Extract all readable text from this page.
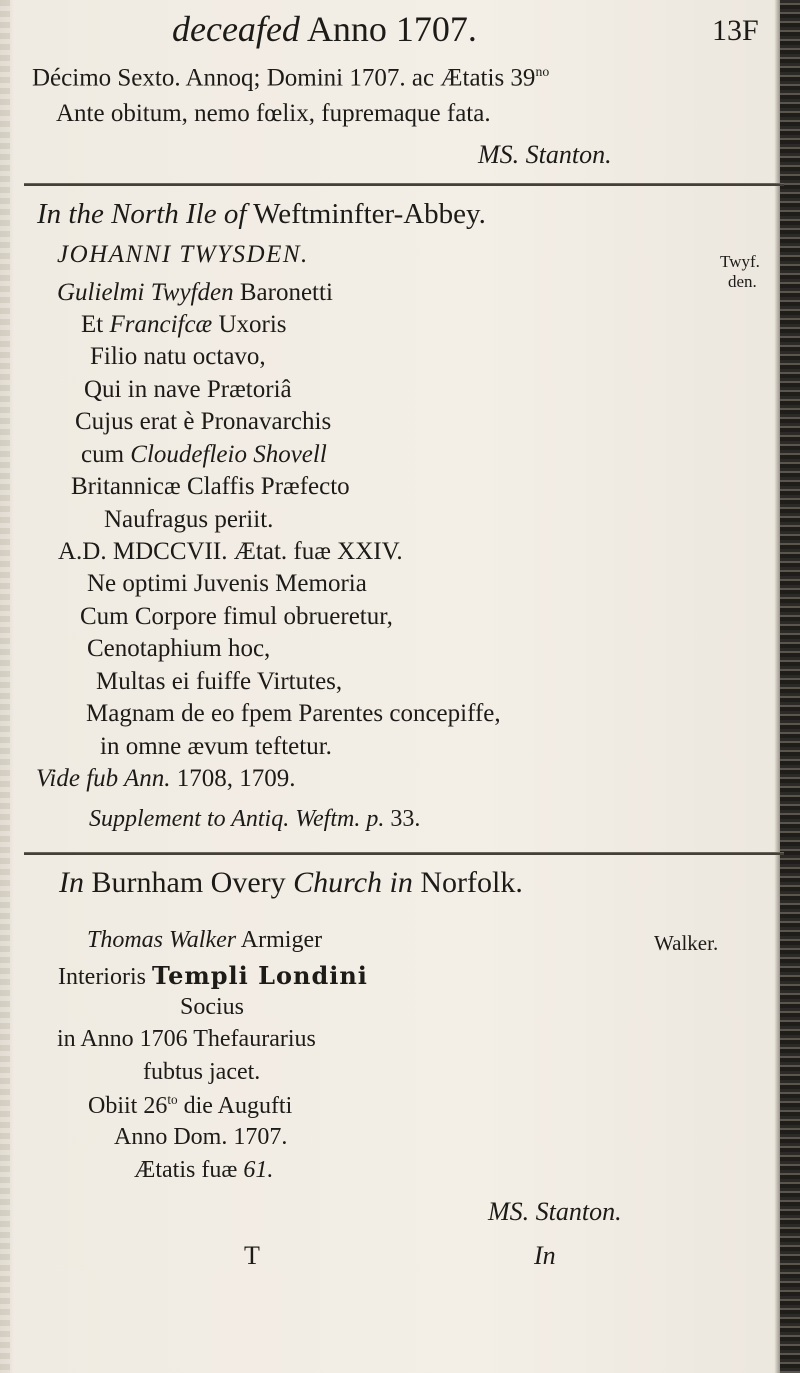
deceafed Anno 1707.	13F
Décimo Sexto. Annoq; Domini 1707. ac Ætatis $39^{no}$
Ante obitum, nemo fœlix, fupremaque fata.
MS. Stanton.
In the North Ile of Weftminfter-Abbey.
JOHANNI TWYSDEN.	Twyf.
den.
Gulielmi Twyfden Baronetti
Et Francifcæ Uxoris
Filio natu octavo,
Qui in nave Prætoriâ
Cujus erat è Pronavarchis
cum Cloudefleio Shovell
Britannicæ Claffis Præfecto
Naufragus periit.
A.D. MDCCVII. Ætat. fuæ XXIV.
Ne optimi Juvenis Memoria
Cum Corpore fimul obrueretur,
Cenotaphium hoc,
Multas ei fuiffe Virtutes,
Magnam de eo fpem Parentes concepiffe,
in omne ævum teftetur.
Vide fub Ann. 1708, 1709.
Supplement to Antiq. Weftm. p. 33.
In Burnham Overy Church in Norfolk.
Thomas Walker Armiger	Walker.
Interioris Templi Londini
Socius
in Anno 1706 Thefaurarius
fubtus jacet.
Obiit $26^{to}$ die Augufti
Anno Dom. 1707.
Ætatis fuæ 61.
MS. Stanton.
T	In
